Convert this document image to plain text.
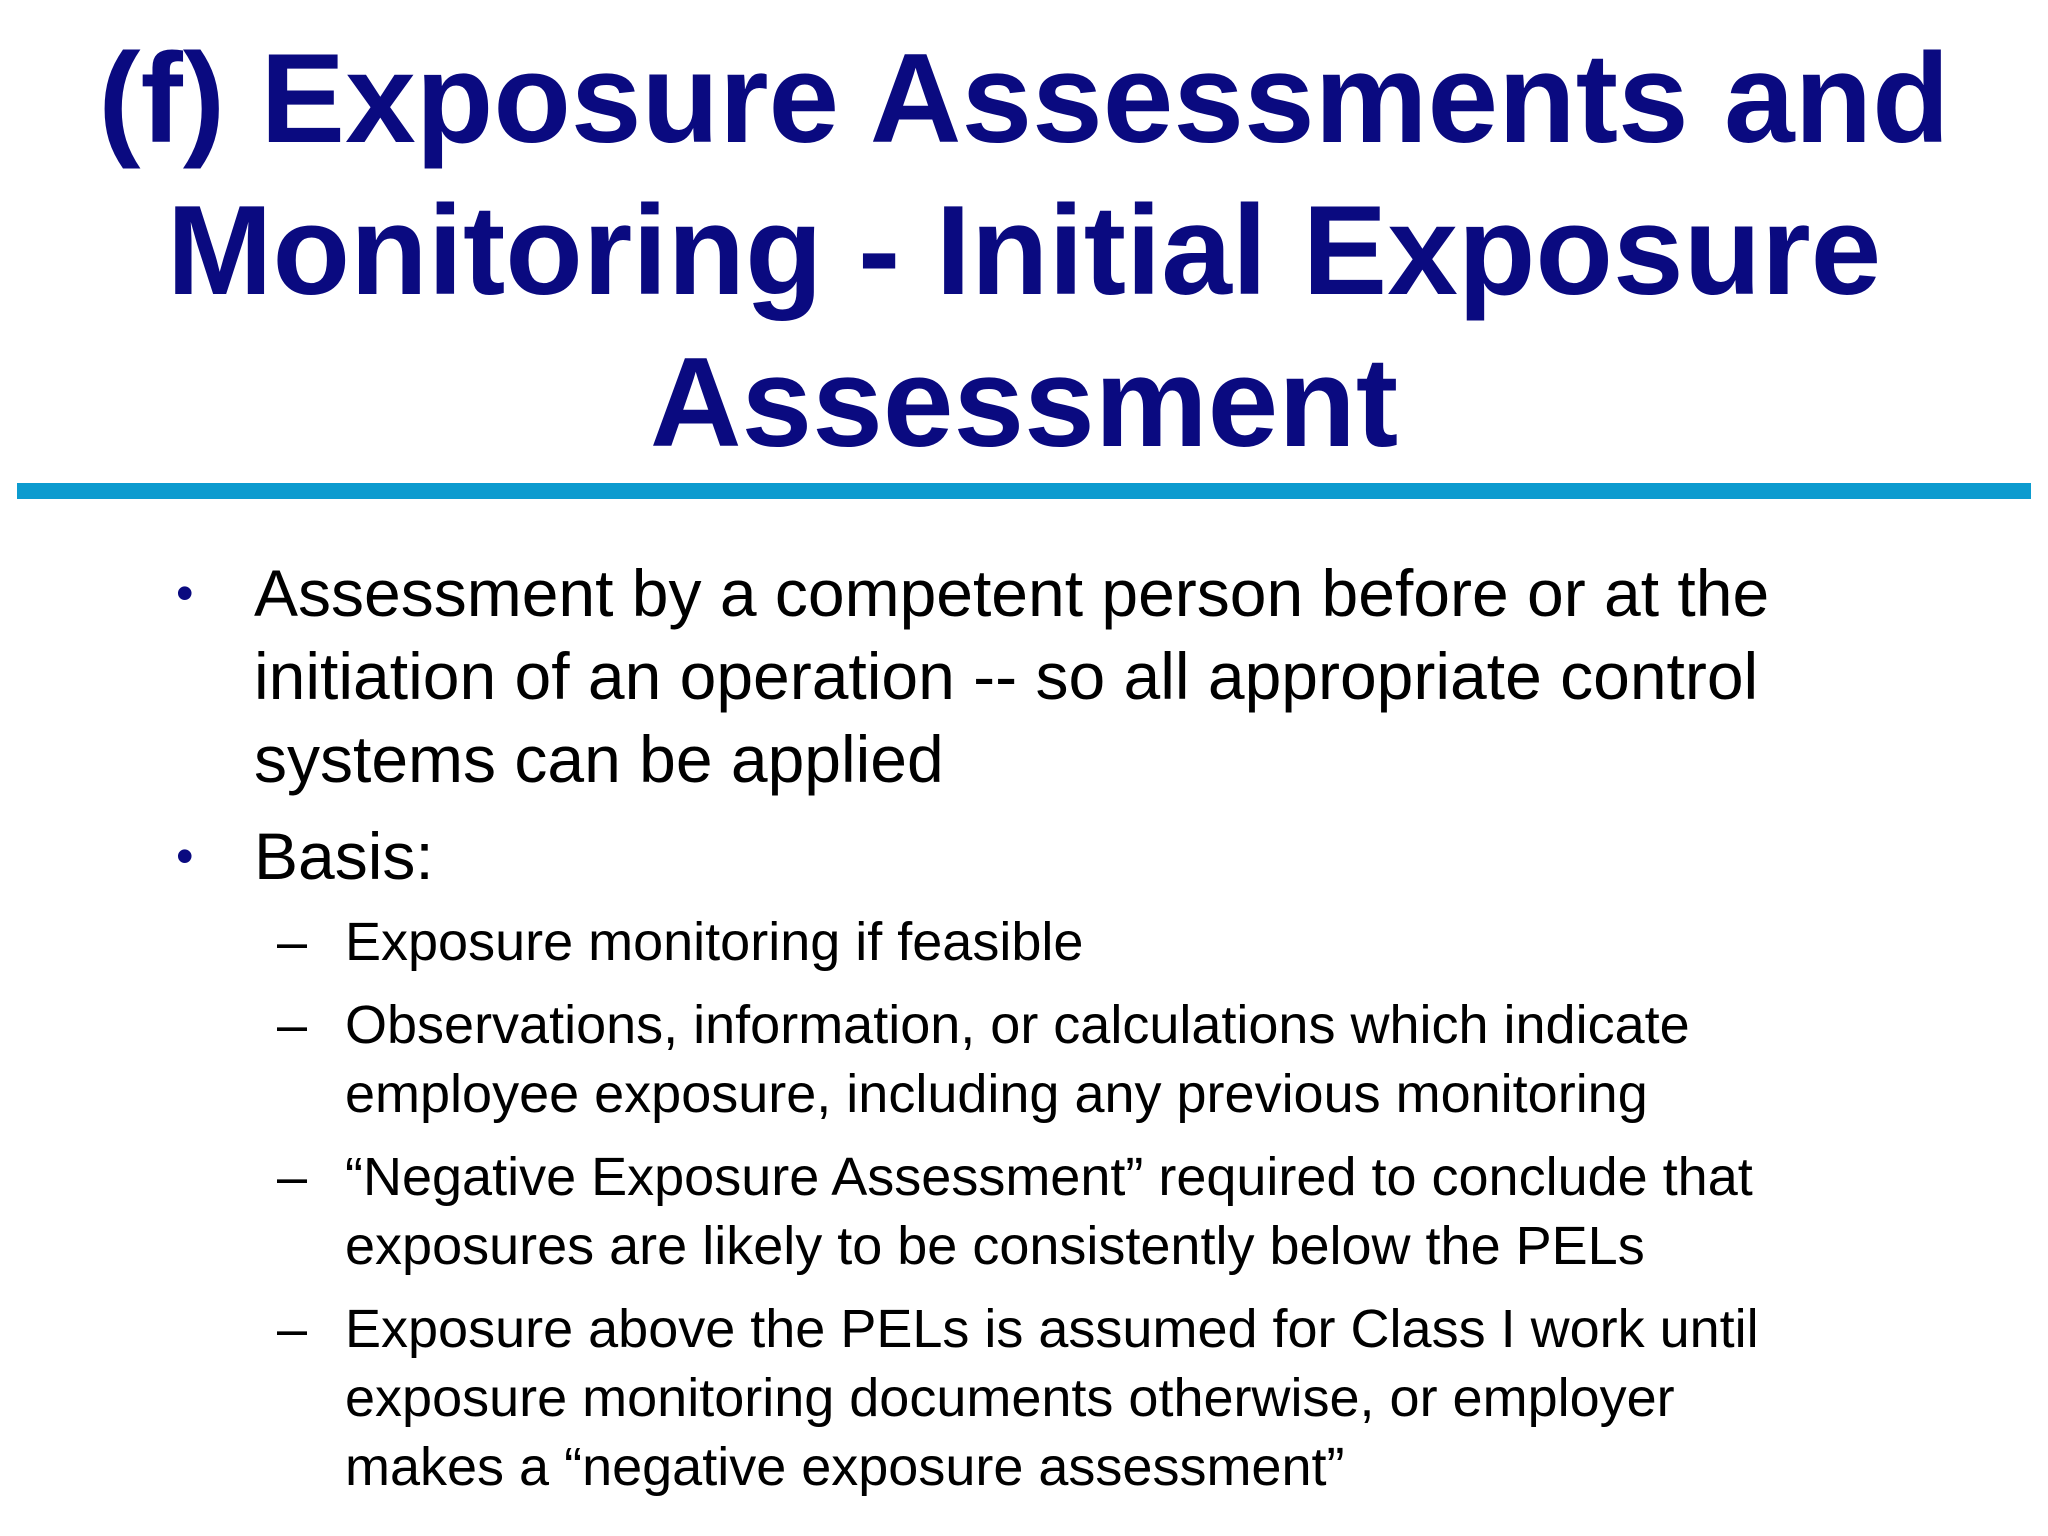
(f) Exposure Assessments and
Monitoring - Initial Exposure
Assessment
• Assessment by a competent person before or at the
initiation of an operation -- so all appropriate control
systems can be applied
• Basis:
– Exposure monitoring if feasible
– Observations, information, or calculations which indicate
employee exposure, including any previous monitoring
– “Negative Exposure Assessment” required to conclude that
exposures are likely to be consistently below the PELs
– Exposure above the PELs is assumed for Class I work until
exposure monitoring documents otherwise, or employer
makes a “negative exposure assessment”
